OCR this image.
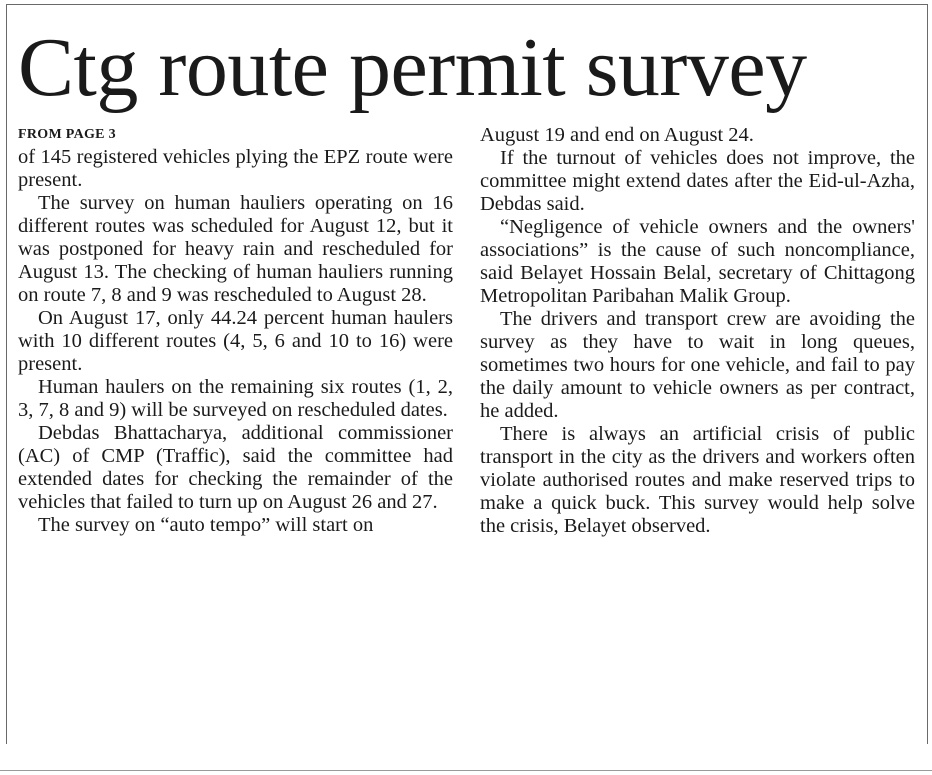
Ctg route permit survey
FROM PAGE 3

of 145 registered vehicles plying the EPZ route were present.

The survey on human hauliers operating on 16 different routes was scheduled for August 12, but it was postponed for heavy rain and rescheduled for August 13. The checking of human hauliers running on route 7, 8 and 9 was rescheduled to August 28.

On August 17, only 44.24 percent human haulers with 10 different routes (4, 5, 6 and 10 to 16) were present.

Human haulers on the remaining six routes (1, 2, 3, 7, 8 and 9) will be surveyed on rescheduled dates.

Debdas Bhattacharya, additional commissioner (AC) of CMP (Traffic), said the committee had extended dates for checking the remainder of the vehicles that failed to turn up on August 26 and 27.

The survey on “auto tempo” will start on

August 19 and end on August 24.

If the turnout of vehicles does not improve, the committee might extend dates after the Eid-ul-Azha, Debdas said.

“Negligence of vehicle owners and the owners' associations” is the cause of such noncompliance, said Belayet Hossain Belal, secretary of Chittagong Metropolitan Paribahan Malik Group.

The drivers and transport crew are avoiding the survey as they have to wait in long queues, sometimes two hours for one vehicle, and fail to pay the daily amount to vehicle owners as per contract, he added.

There is always an artificial crisis of public transport in the city as the drivers and workers often violate authorised routes and make reserved trips to make a quick buck. This survey would help solve the crisis, Belayet observed.
